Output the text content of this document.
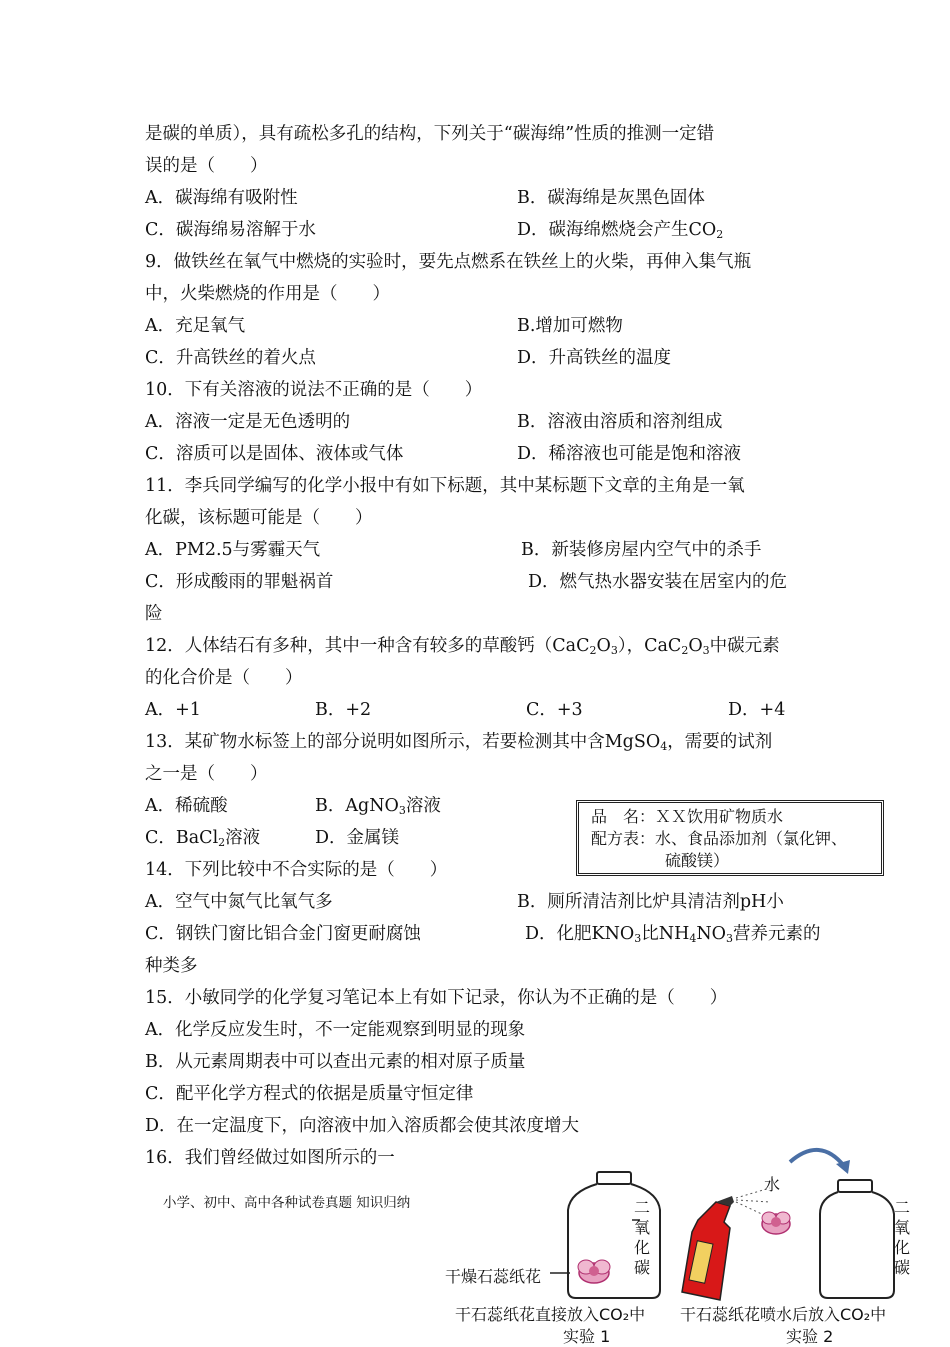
是碳的单质），具有疏松多孔的结构，下列关于“碳海绵”性质的推测一定错
误的是（　　）
A．碳海绵有吸附性	B．碳海绵是灰黑色固体
C．碳海绵易溶解于水	D．碳海绵燃烧会产生$CO_2$
9．做铁丝在氧气中燃烧的实验时，要先点燃系在铁丝上的火柴，再伸入集气瓶
中，火柴燃烧的作用是（　　）
A．充足氧气	B.增加可燃物
C．升高铁丝的着火点	D．升高铁丝的温度
10．下有关溶液的说法不正确的是（　　）
A．溶液一定是无色透明的	B．溶液由溶质和溶剂组成
C．溶质可以是固体、液体或气体	D．稀溶液也可能是饱和溶液
11．李兵同学编写的化学小报中有如下标题，其中某标题下文章的主角是一氧
化碳，该标题可能是（　　）
A．PM2.5与雾霾天气	B．新装修房屋内空气中的杀手
C．形成酸雨的罪魁祸首	D．燃气热水器安装在居室内的危
险
12．人体结石有多种，其中一种含有较多的草酸钙$(CaC_2O_3)$，$CaC_2O_3$中碳元素
的化合价是（　　）
A．+1	B．+2	C．+3	D．+4
13．某矿物水标签上的部分说明如图所示，若要检测其中含MgSO$_4$，需要的试剂
之一是（　　）
A．稀硫酸	B．AgNO$_3$溶液
C．BaCl$_2$溶液	D．金属镁
品　名：ＸＸ饮用矿物质水
配方表：水、食品添加剂（氯化钾、
硫酸镁）
14．下列比较中不合实际的是（　　）
A．空气中氮气比氧气多	B．厕所清洁剂比炉具清洁剂pH小
C．钢铁门窗比铝合金门窗更耐腐蚀	D．化肥$KNO_3$比$NH_4NO_3$营养元素的
种类多
15．小敏同学的化学复习笔记本上有如下记录，你认为不正确的是（　　）
A．化学反应发生时，不一定能观察到明显的现象
B．从元素周期表中可以查出元素的相对原子质量
C．配平化学方程式的依据是质量守恒定律
D．在一定温度下，向溶液中加入溶质都会使其浓度增大
16．我们曾经做过如图所示的一
小学、初中、高中各种试卷真题 知识归纳	二氧化碳
二氧化碳
干燥石蕊纸花
水
干石蕊纸花直接放入CO₂中
实验 1
干石蕊纸花喷水后放入CO₂中
实验 2
